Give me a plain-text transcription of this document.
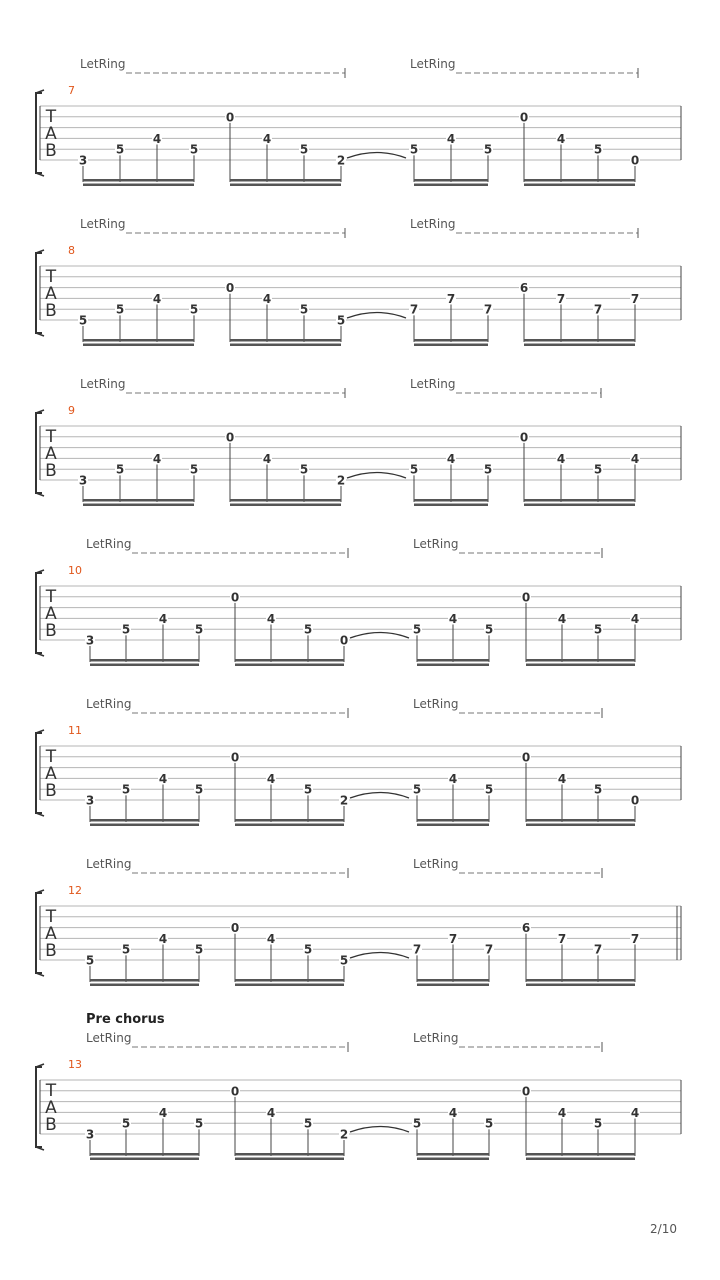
LetRing	LetRing
7
T
A
B 3
5
4
5
0
4
5
2
5
4
5
0
4
5
0
LetRing	LetRing
8
T
A
B 5
5
4
5
0
4
5
5
7
7
7
6
7
7
7
LetRing	LetRing
9
T
A
B 3
5
4
5
0
4
5
2
5
4
5
0
4
5
4
LetRing	LetRing
10
T
A
B 3
5
4
5
0
4
5
0
5
4
5
0
4
5
4
LetRing	LetRing
11
T
A
B 3
5
4
5
0
4
5
2
5
4
5
0
4
5
0
LetRing	LetRing
12
T
A
B 5
5
4
5
0
4
5
5
7
7
7
6
7
7
7
Pre chorus
LetRing	LetRing
13
T
A
B 3
5
4
5
0
4
5
2
5
4
5
0
4
5
4
2/10
